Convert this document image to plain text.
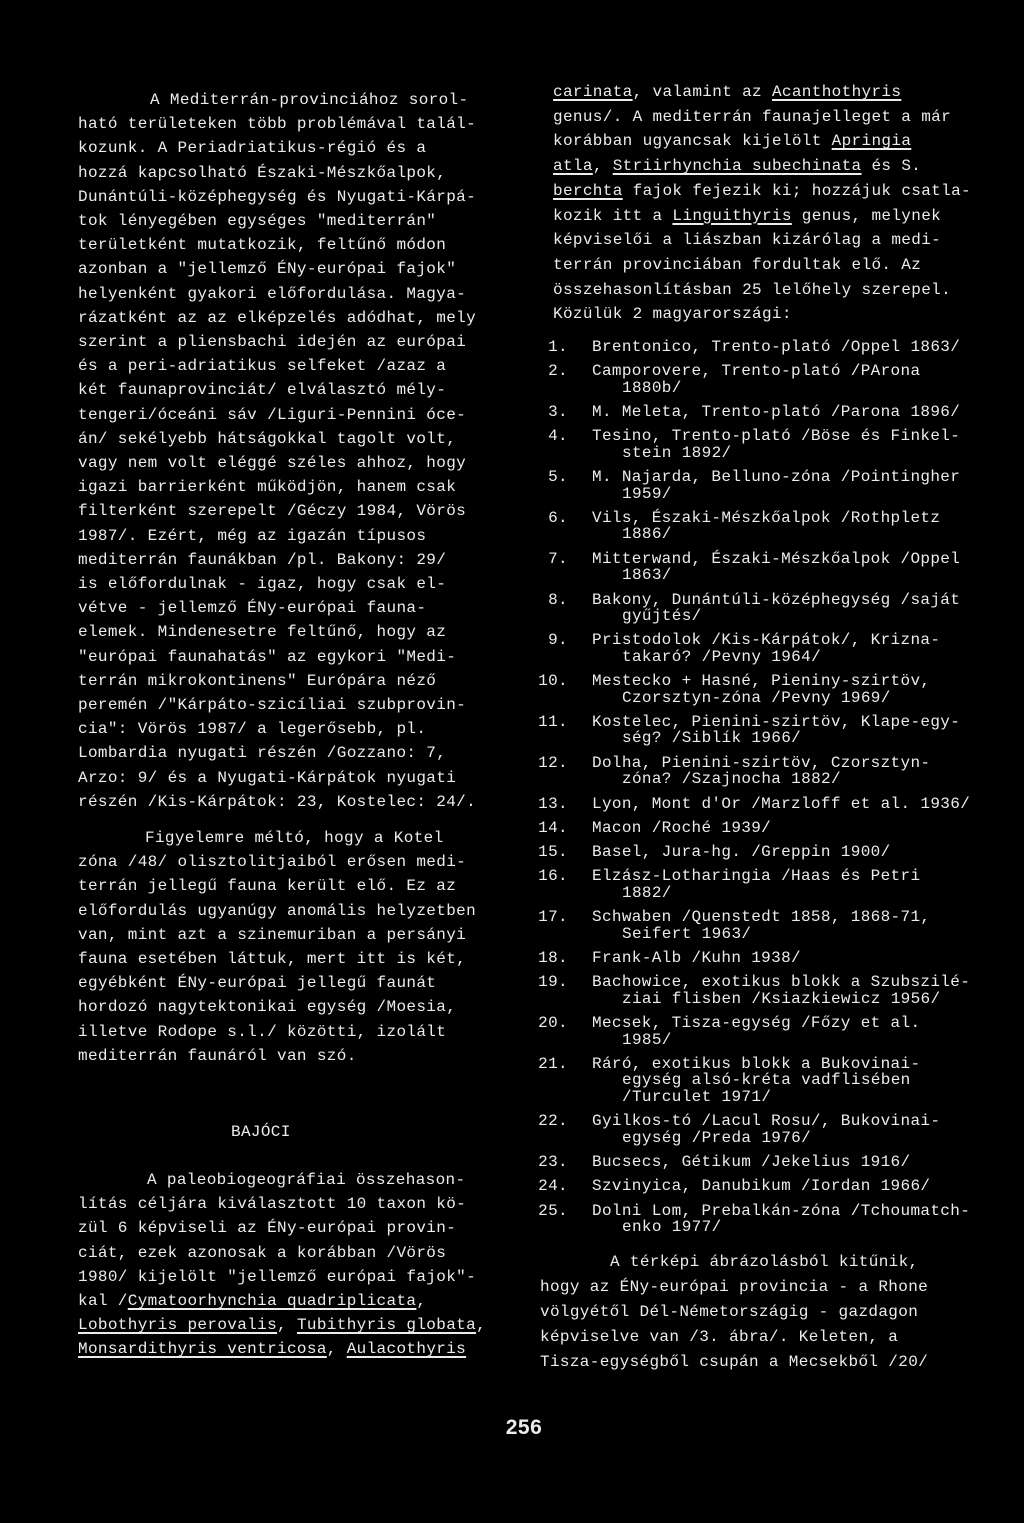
A Mediterrán-provinciához sorol-
ható területeken több problémával talál-
kozunk. A Periadriatikus-régió és a
hozzá kapcsolható Északi-Mészkőalpok,
Dunántúli-középhegység és Nyugati-Kárpá-
tok lényegében egységes "mediterrán"
területként mutatkozik, feltűnő módon
azonban a "jellemző ÉNy-európai fajok"
helyenként gyakori előfordulása. Magya-
rázatként az az elképzelés adódhat, mely
szerint a pliensbachi idején az európai
és a peri-adriatikus selfeket /azaz a
két faunaprovinciát/ elválasztó mély-
tengeri/óceáni sáv /Liguri-Pennini óce-
án/ sekélyebb hátságokkal tagolt volt,
vagy nem volt eléggé széles ahhoz, hogy
igazi barrierként működjön, hanem csak
filterként szerepelt /Géczy 1984, Vörös
1987/. Ezért, még az igazán típusos
mediterrán faunákban /pl. Bakony: 29/
is előfordulnak - igaz, hogy csak el-
vétve - jellemző ÉNy-európai fauna-
elemek. Mindenesetre feltűnő, hogy az
"európai faunahatás" az egykori "Medi-
terrán mikrokontinens" Európára néző
peremén /"Kárpáto-szicíliai szubprovin-
cia": Vörös 1987/ a legerősebb, pl.
Lombardia nyugati részén /Gozzano: 7,
Arzo: 9/ és a Nyugati-Kárpátok nyugati
részén /Kis-Kárpátok: 23, Kostelec: 24/.
Figyelemre méltó, hogy a Kotel
zóna /48/ olisztolitjaiból erősen medi-
terrán jellegű fauna került elő. Ez az
előfordulás ugyanúgy anomális helyzetben
van, mint azt a szinemuriban a persányi
fauna esetében láttuk, mert itt is két,
egyébként ÉNy-európai jellegű faunát
hordozó nagytektonikai egység /Moesia,
illetve Rodope s.l./ közötti, izolált
mediterrán faunáról van szó.
BAJÓCI
A paleobiogeográfiai összehason-
lítás céljára kiválasztott 10 taxon kö-
zül 6 képviseli az ÉNy-európai provin-
ciát, ezek azonosak a korábban /Vörös
1980/ kijelölt "jellemző európai fajok"-
kal /Cymatoorhynchia quadriplicata,
Lobothyris perovalis, Tubithyris globata,
Monsardithyris ventricosa, Aulacothyris
carinata, valamint az Acanthothyris
genus/. A mediterrán faunajelleget a már
korábban ugyancsak kijelölt Apringia
atla, Striirhynchia subechinata és S.
berchta fajok fejezik ki; hozzájuk csatla-
kozik itt a Linguithyris genus, melynek
képviselői a liászban kizárólag a medi-
terrán provinciában fordultak elő. Az
összehasonlításban 25 lelőhely szerepel.
Közülük 2 magyarországi:
1. Brentonico, Trento-plató /Oppel 1863/
2. Camporovere, Trento-plató /PArona
1880b/
3. M. Meleta, Trento-plató /Parona 1896/
4. Tesino, Trento-plató /Böse és Finkel-
stein 1892/
5. M. Najarda, Belluno-zóna /Pointingher
1959/
6. Vils, Északi-Mészkőalpok /Rothpletz
1886/
7. Mitterwand, Északi-Mészkőalpok /Oppel
1863/
8. Bakony, Dunántúli-középhegység /saját
gyűjtés/
9. Pristodolok /Kis-Kárpátok/, Krizna-
takaró? /Pevny 1964/
10. Mestecko + Hasné, Pieniny-szirtöv,
Czorsztyn-zóna /Pevny 1969/
11. Kostelec, Pienini-szirtöv, Klape-egy-
ség? /Siblík 1966/
12. Dolha, Pienini-szirtöv, Czorsztyn-
zóna? /Szajnocha 1882/
13. Lyon, Mont d'Or /Marzloff et al. 1936/
14. Macon /Roché 1939/
15. Basel, Jura-hg. /Greppin 1900/
16. Elzász-Lotharingia /Haas és Petri
1882/
17. Schwaben /Quenstedt 1858, 1868-71,
Seifert 1963/
18. Frank-Alb /Kuhn 1938/
19. Bachowice, exotikus blokk a Szubszilé-
ziai flisben /Ksiazkiewicz 1956/
20. Mecsek, Tisza-egység /Főzy et al.
1985/
21. Ráró, exotikus blokk a Bukovinai-
egység alsó-kréta vadflisében
/Turculet 1971/
22. Gyilkos-tó /Lacul Rosu/, Bukovinai-
egység /Preda 1976/
23. Bucsecs, Gétikum /Jekelius 1916/
24. Szvinyica, Danubikum /Iordan 1966/
25. Dolni Lom, Prebalkán-zóna /Tchoumatch-
enko 1977/
A térképi ábrázolásból kitűnik,
hogy az ÉNy-európai provincia - a Rhone
völgyétől Dél-Németországig - gazdagon
képviselve van /3. ábra/. Keleten, a
Tisza-egységből csupán a Mecsekből /20/
256
